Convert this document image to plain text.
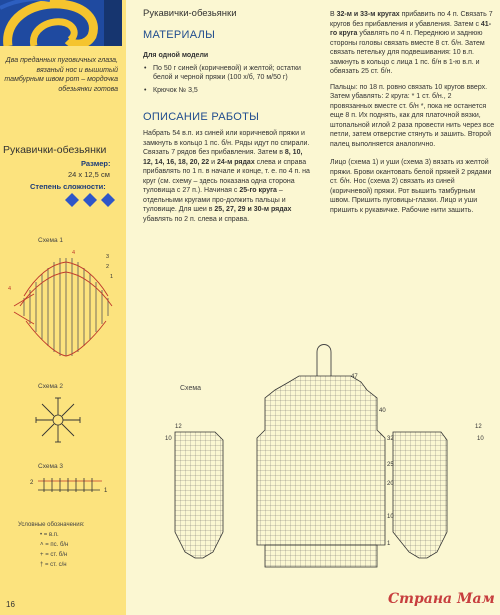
Два преданных пуговичных глаза, вязаный нос и вышитый тамбурным швом рот – мордочка обезьянки готова
Рукавички-обезьянки
Размер:
24 х 12,5 см
Степень сложности:
Схема 1
4
3
2
1
4
Схема 2
Схема 3
2
1
Условные обозначения:
• = в.п.
˄ = пс. б/н
+ = ст. б/н
† = ст. с/н
16
Рукавички-обезьянки
МАТЕРИАЛЫ
Для одной модели
• По 50 г синей (коричневой) и желтой; остатки белой и черной пряжи (100 х/б, 70 м/50 г)
• Крючок № 3,5
ОПИСАНИЕ РАБОТЫ

Набрать 54 в.п. из синей или коричневой пряжи и замкнуть в кольцо 1 пс. б/н. Ряды идут по спирали. Связать 7 рядов без прибавления. Затем в 8, 10, 12, 14, 16, 18, 20, 22 и 24-м рядах слева и справа прибавлять по 1 п. в начале и конце, т. е. по 4 п. на круг (см. схему – здесь показана одна сторона туловища с 27 п.). Начиная с 25-го круга –отдельными кругами про-должить пальцы и туловище. Для шеи в 25, 27, 29 и 30-м рядах убавлять по 2 п. слева и справа.

В 32-м и 33-м кругах прибавить по 4 п. Связать 7 кругов без прибавления и убавления. Затем с 41-го круга убавлять по 4 п. Переднюю и заднюю стороны головы связать вместе 8 ст. б/н. Затем связать петельку для подвешивания: 10 в.п. замкнуть в кольцо с лица 1 пс. б/н в 1-ю в.п. и обвязать 25 ст. б/н.

Пальцы: по 18 п. ровно связать 10 кругов вверх. Затем убавлять: 2 круга: * 1 ст. б/н., 2 провязанных вместе ст. б/н *, пока не останется еще 8 п. Их поднять, как для платочной вязки, штопальной иглой 2 раза провести нить через все петли, затем отверстие стянуть и зашить. Второй палец выполняется аналогично.

Лицо (схема 1) и уши (схема 3) вязать из желтой пряжи. Брови окантовать белой пряжей 2 рядами ст. б/н. Нос (схема 2) связать из синей (коричневой) пряжи. Рот вышить тамбурным швом. Пришить пуговицы-глазки. Лицо и уши пришить к рукавичке. Рабочие нити зашить.

Схема
47
40
32
25
20
10
1
12
10
12
10
Страна Мам
